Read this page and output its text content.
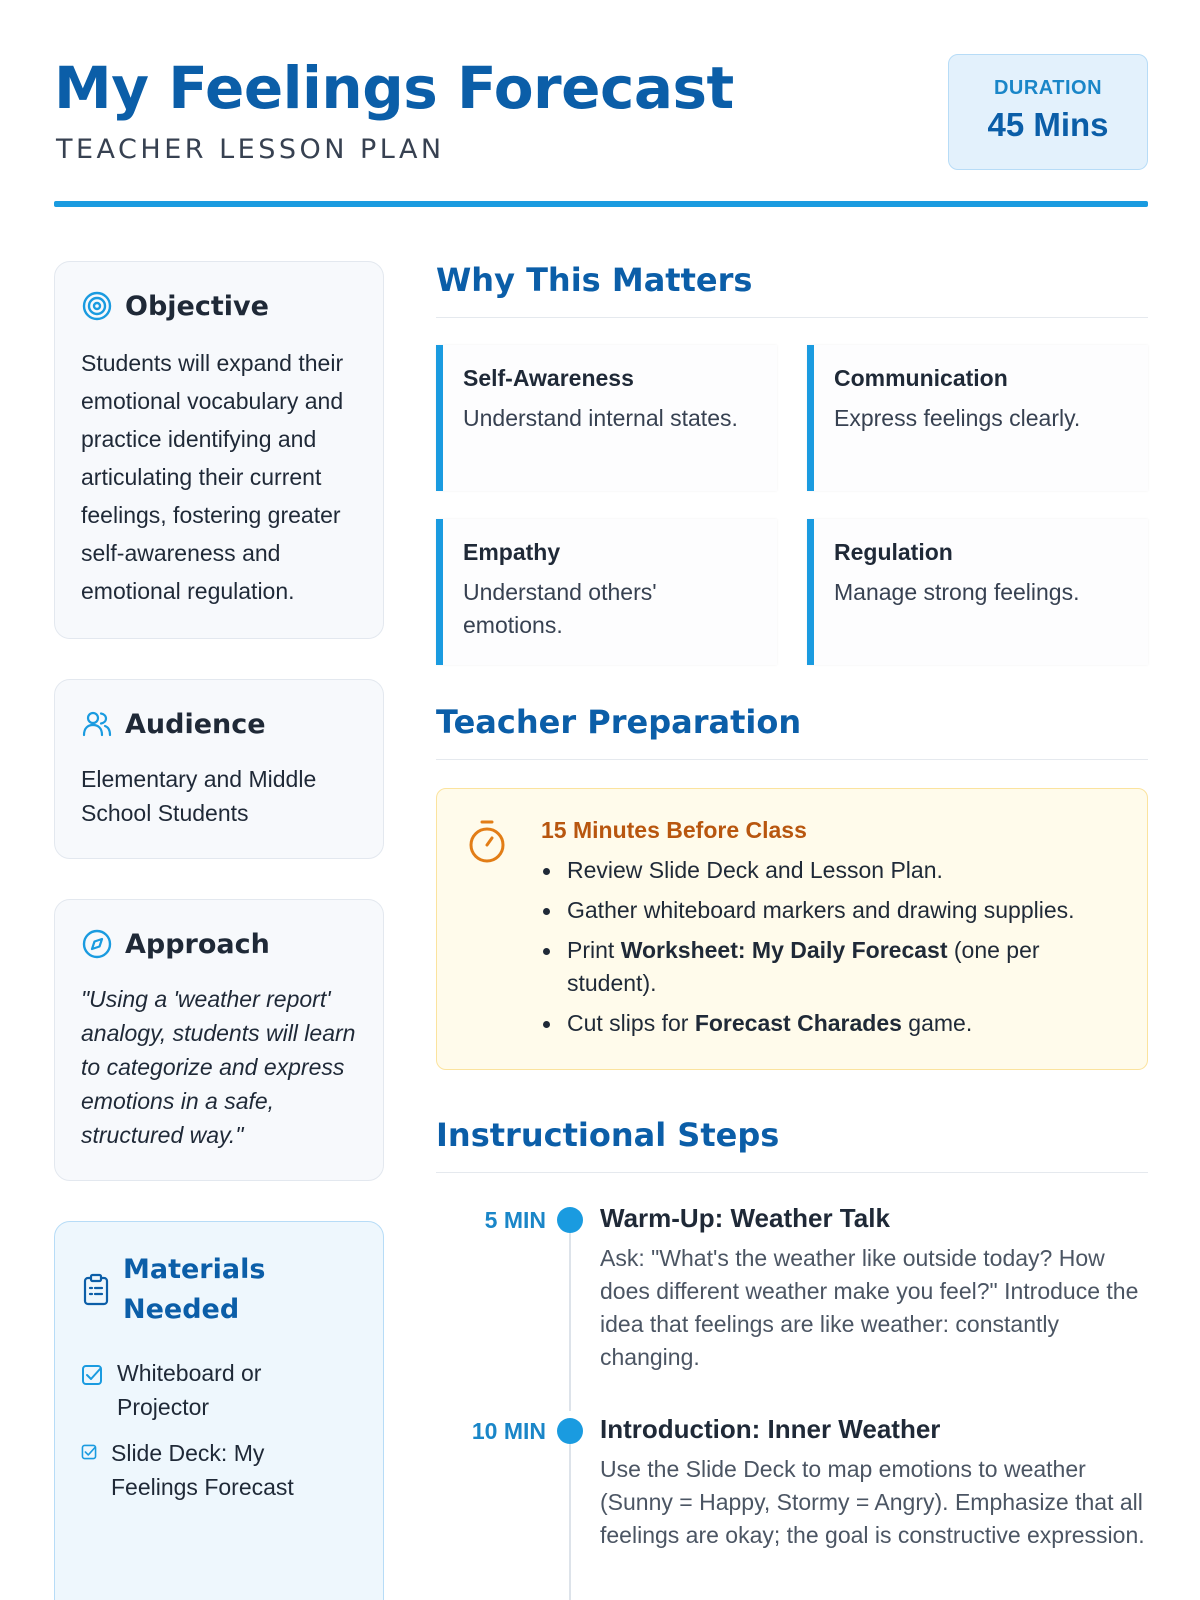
My Feelings Forecast
TEACHER LESSON PLAN
DURATION
45 Mins
Objective
Students will expand their emotional vocabulary and practice identifying and articulating their current feelings, fostering greater self-awareness and emotional regulation.
Audience
Elementary and Middle School Students
Approach
"Using a 'weather report' analogy, students will learn to categorize and express emotions in a safe, structured way."
Materials Needed
Whiteboard or Projector
Slide Deck: My Feelings Forecast
Why This Matters
Self-Awareness
Understand internal states.
Communication
Express feelings clearly.
Empathy
Understand others' emotions.
Regulation
Manage strong feelings.
Teacher Preparation
15 Minutes Before Class
Review Slide Deck and Lesson Plan.
Gather whiteboard markers and drawing supplies.
Print Worksheet: My Daily Forecast (one per student).
Cut slips for Forecast Charades game.
Instructional Steps
5 MIN Warm-Up: Weather Talk
Ask: "What's the weather like outside today? How does different weather make you feel?" Introduce the idea that feelings are like weather: constantly changing.
10 MIN Introduction: Inner Weather
Use the Slide Deck to map emotions to weather (Sunny = Happy, Stormy = Angry). Emphasize that all feelings are okay; the goal is constructive expression.
